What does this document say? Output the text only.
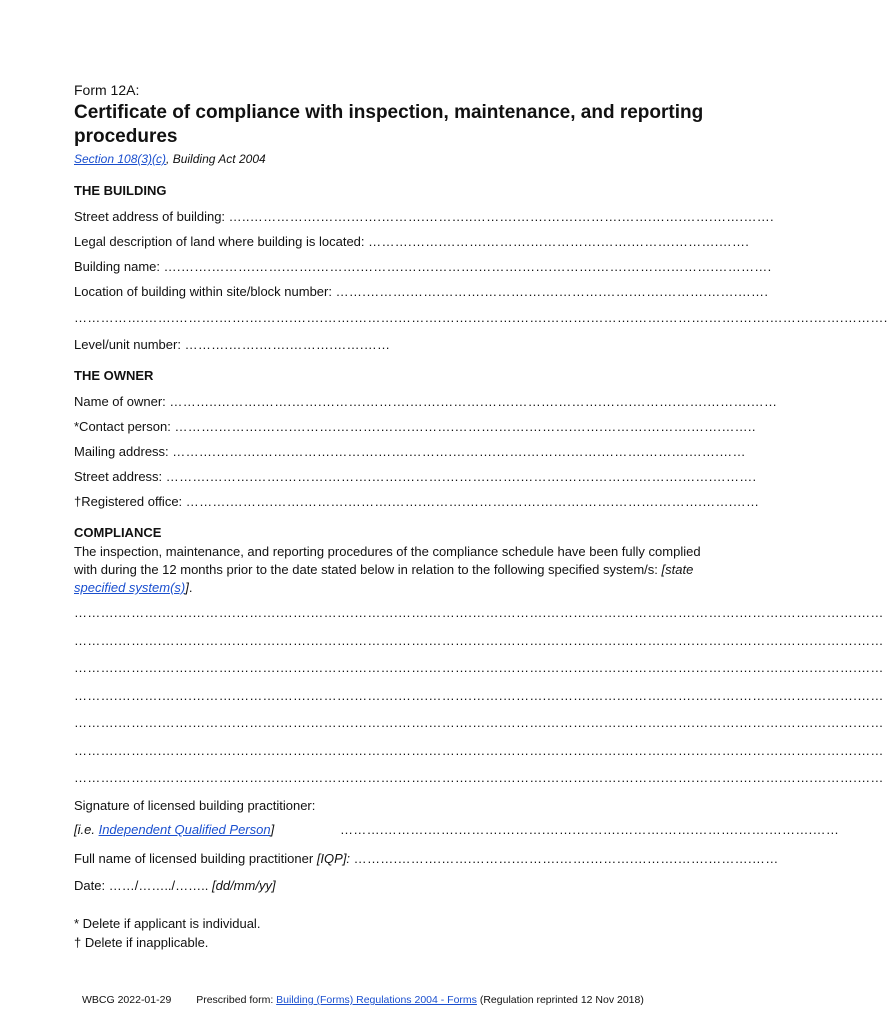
Form 12A:
Certificate of compliance with inspection, maintenance, and reporting procedures
Section 108(3)(c), Building Act 2004
THE BUILDING
Street address of building: …..…………….…….…….……….………..……….…….…….……….…….…….…….…….…….
Legal description of land where building is located: ……….…….……….……….…………….…….……….……….…….
Building name: ….…….……….…….…….……….……….…….……….……….…….……….…….……….……….………….
Location of building within site/block number: …….……….…….……….……….…….……….…….…….……….…….…….
…………….…….……….…….……….…….…….……….……….…….……….…….……….……….…….……….…….…….……….…….……….
Level/unit number: ……….…….…….……….…….……
THE OWNER
Name of owner: ………..……….…….…….……….……….…….……….…….……….……….…….……….…….……….……
*Contact person: ……….……….…….……….……….…….……….……….…….……….…….……….……….…….……..
Mailing address: ……….……….…….……….……….…….……….……….…….……….…….……….……….…….……
Street address: ……….……….…….……….……….…….……….……….…….……….…….……….……….…….……….
†Registered office: ……….……….…….……….……….…….……….……….…….……….…….……….……….…….……
COMPLIANCE
The inspection, maintenance, and reporting procedures of the compliance schedule have been fully complied with during the 12 months prior to the date stated below in relation to the following specified system/s: [state specified system(s)].
……….……….…….……….……….…….……….……….…….……….…….……….……….…….……….…….……….……….…….……….……
……….……….…….……….……….…….……….……….…….……….…….……….……….…….……….…….……….……….…….……….……
……….……….…….……….……….…….……….……….…….……….…….……….……….…….……….…….……….……….…….……….……
……….……….…….……….……….…….……….……….…….……….…….……….……….…….……….…….……….……….…….……….……
……….……….…….……….……….…….……….……….…….……….…….……….……….…….……….…….……….……….…….……….……
……….……….…….……….……….…….……….……….…….……….…….……….……….…….……….…….……….……….…….……….……
……….……….…….……….……….…….……….……….…….……….…….……….……….…….……….…….……….……….…….……….……
Signature of licensed building practitioner:
[i.e. Independent Qualified Person]	……….……….…….……….……….…….……….……….…….……….…….……….……
Full name of licensed building practitioner [IQP]: ……….……….…….……….……….…….……….……….…….……….……
Date: ……/……../…….. [dd/mm/yy]
* Delete if applicant is individual.
† Delete if inapplicable.
WBCG 2022-01-29 Prescribed form: Building (Forms) Regulations 2004 - Forms (Regulation reprinted 12 Nov 2018)
